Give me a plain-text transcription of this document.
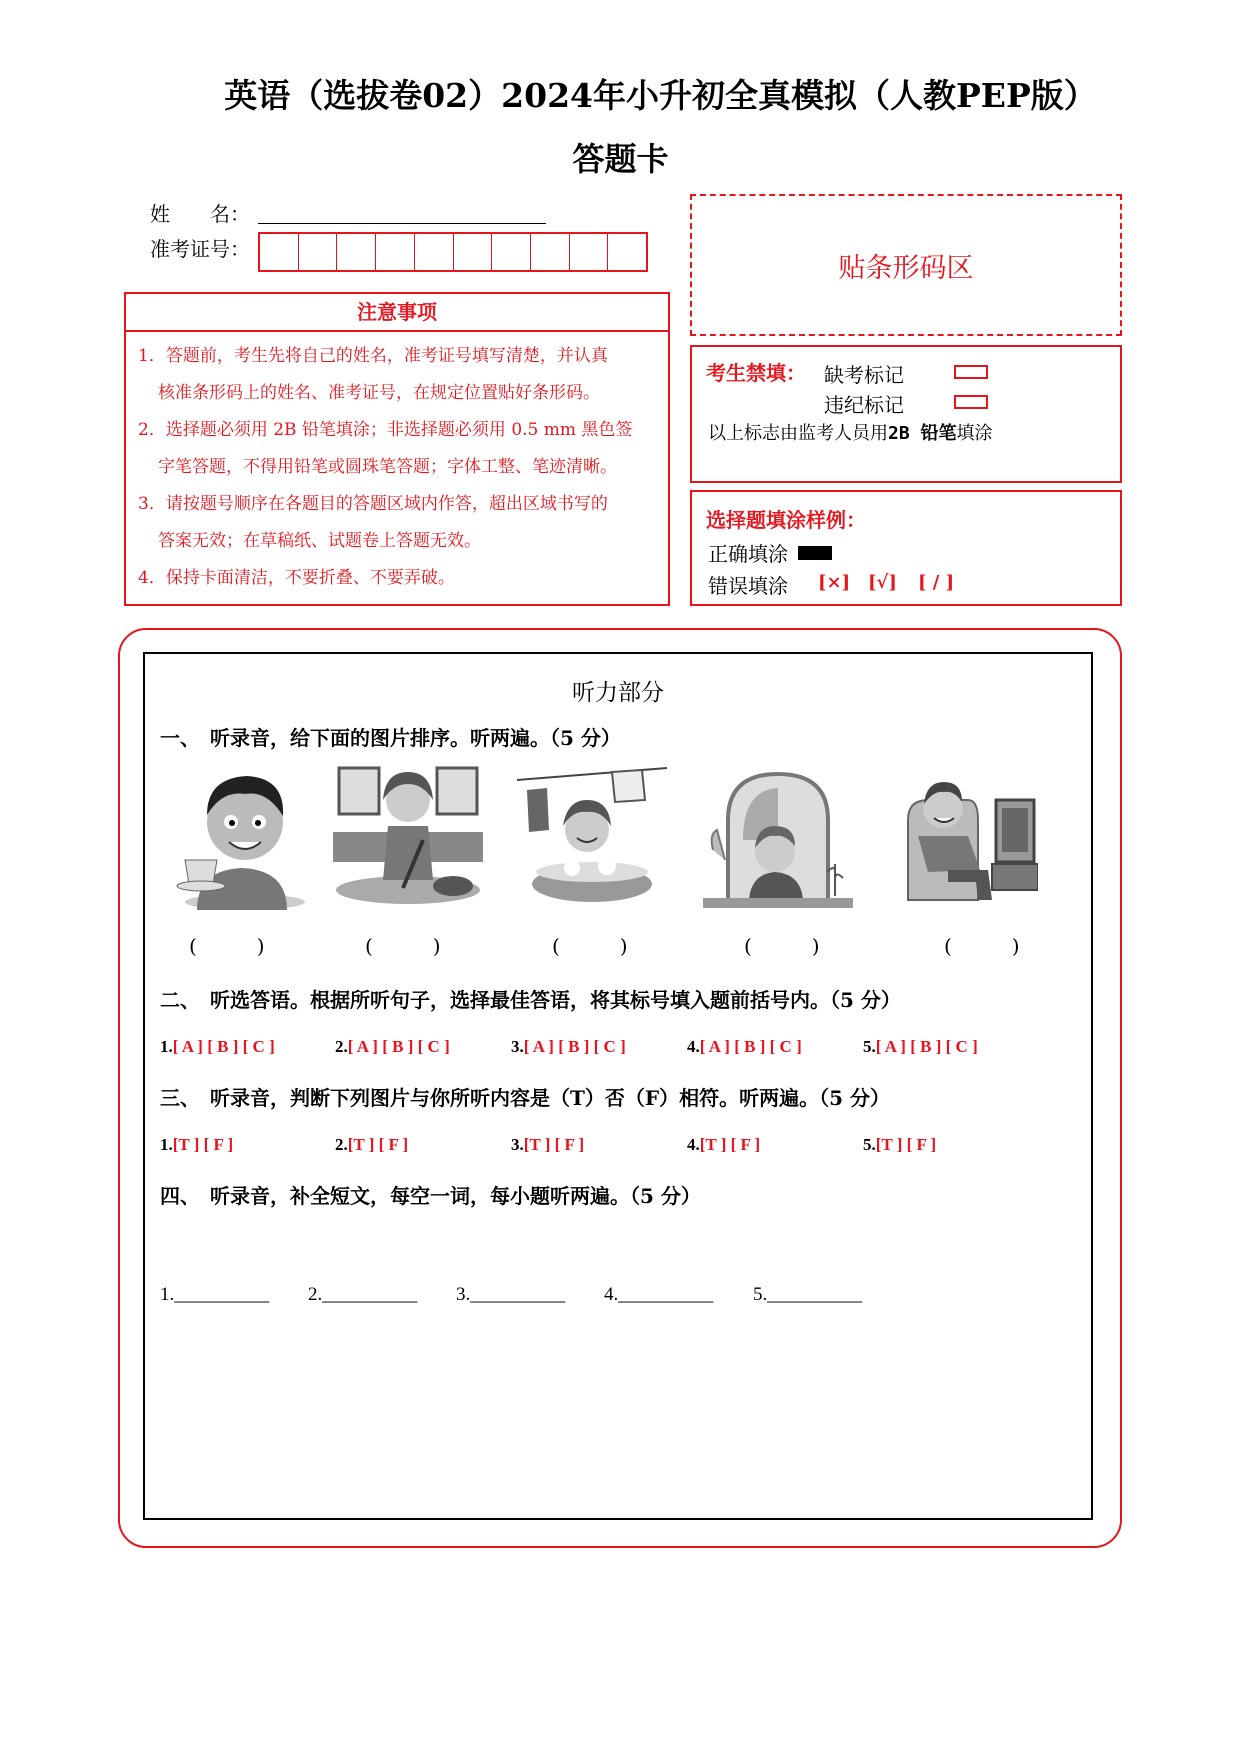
英语（选拔卷02）2024年小升初全真模拟（人教PEP版）
答题卡
姓　　名：
准考证号：
贴条形码区
注意事项
1．答题前，考生先将自己的姓名，准考证号填写清楚，并认真
核准条形码上的姓名、准考证号，在规定位置贴好条形码。
2．选择题必须用 2B 铅笔填涂；非选择题必须用 0.5 mm 黑色签
字笔答题，不得用铅笔或圆珠笔答题；字体工整、笔迹清晰。
3．请按题号顺序在各题目的答题区域内作答，超出区域书写的
答案无效；在草稿纸、试题卷上答题无效。
4．保持卡面清洁，不要折叠、不要弄破。
考生禁填： 缺考标记
违纪标记
以上标志由监考人员用2B 铅笔填涂
选择题填涂样例：
正确填涂
错误填涂 [×] [√] [ / ]
听力部分
一、　听录音，给下面的图片排序。听两遍。（5 分）
(　　　)	(　　　)	(　　　)	(　　　)	(　　　)
二、　听选答语。根据所听句子，选择最佳答语，将其标号填入题前括号内。（5 分）
1.[ A ] [ B ] [ C ]	2.[ A ] [ B ] [ C ]	3.[ A ] [ B ] [ C ]	4.[ A ] [ B ] [ C ]	5.[ A ] [ B ] [ C ]
三、　听录音，判断下列图片与你所听内容是（T）否（F）相符。听两遍。（5 分）
1.[T ] [ F ]	2.[T ] [ F ]	3.[T ] [ F ]	4.[T ] [ F ]	5.[T ] [ F ]
四、　听录音，补全短文，每空一词，每小题听两遍。（5 分）
1.__________ 2.__________ 3.__________ 4.__________ 5.__________
